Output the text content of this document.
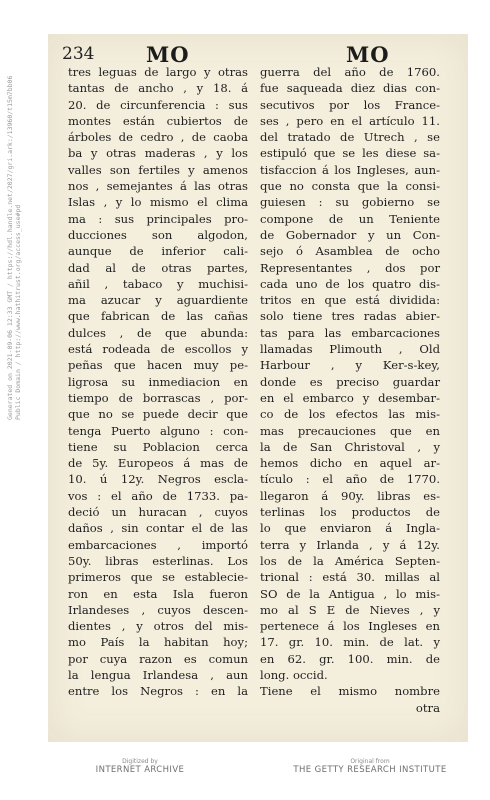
Generated on 2021-09-06 12:33 GMT / https://hdl.handle.net/2027/gri.ark:/13960/t15m7bb06 Public Domain / http://www.hathitrust.org/access_use#pd
234 MO	MO
tres leguas de largo y otras
tantas de ancho , y 18. á
20. de circunferencia : sus
montes están cubiertos de
árboles de cedro , de caoba
ba y otras maderas , y los
valles son fertiles y amenos
nos , semejantes á las otras
Islas , y lo mismo el clima
ma : sus principales pro-
ducciones son algodon,
aunque de inferior cali-
dad al de otras partes,
añil , tabaco y muchisi-
ma azucar y aguardiente
que fabrican de las cañas
dulces , de que abunda:
está rodeada de escollos y
peñas que hacen muy pe-
ligrosa su inmediacion en
tiempo de borrascas , por-
que no se puede decir que
tenga Puerto alguno : con-
tiene su Poblacion cerca
de 5y. Europeos á mas de
10. ú 12y. Negros escla-
vos : el año de 1733. pa-
deció un huracan , cuyos
daños , sin contar el de las
embarcaciones , importó
50y. libras esterlinas. Los
primeros que se establecie-
ron en esta Isla fueron
Irlandeses , cuyos descen-
dientes , y otros del mis-
mo País la habitan hoy;
por cuya razon es comun
la lengua Irlandesa , aun
entre los Negros : en la
guerra del año de 1760.
fue saqueada diez dias con-
secutivos por los France-
ses , pero en el artículo 11.
del tratado de Utrech , se
estipuló que se les diese sa-
tisfaccion á los Ingleses, aun-
que no consta que la consi-
guiesen : su gobierno se
compone de un Teniente
de Gobernador y un Con-
sejo ó Asamblea de ocho
Representantes , dos por
cada uno de los quatro dis-
tritos en que está dividida:
solo tiene tres radas abier-
tas para las embarcaciones
llamadas Plimouth , Old
Harbour , y Ker-s-key,
donde es preciso guardar
en el embarco y desembar-
co de los efectos las mis-
mas precauciones que en
la de San Christoval , y
hemos dicho en aquel ar-
tículo : el año de 1770.
llegaron á 90y. libras es-
terlinas los productos de
lo que enviaron á Ingla-
terra y Irlanda , y á 12y.
los de la América Septen-
trional : está 30. millas al
SO de la Antigua , lo mis-
mo al S E de Nieves , y
pertenece á los Ingleses en
17. gr. 10. min. de lat. y
en 62. gr. 100. min. de
long. occid.
Tiene el mismo nombre
otra
Digitized by
INTERNET ARCHIVE
Original from
THE GETTY RESEARCH INSTITUTE
